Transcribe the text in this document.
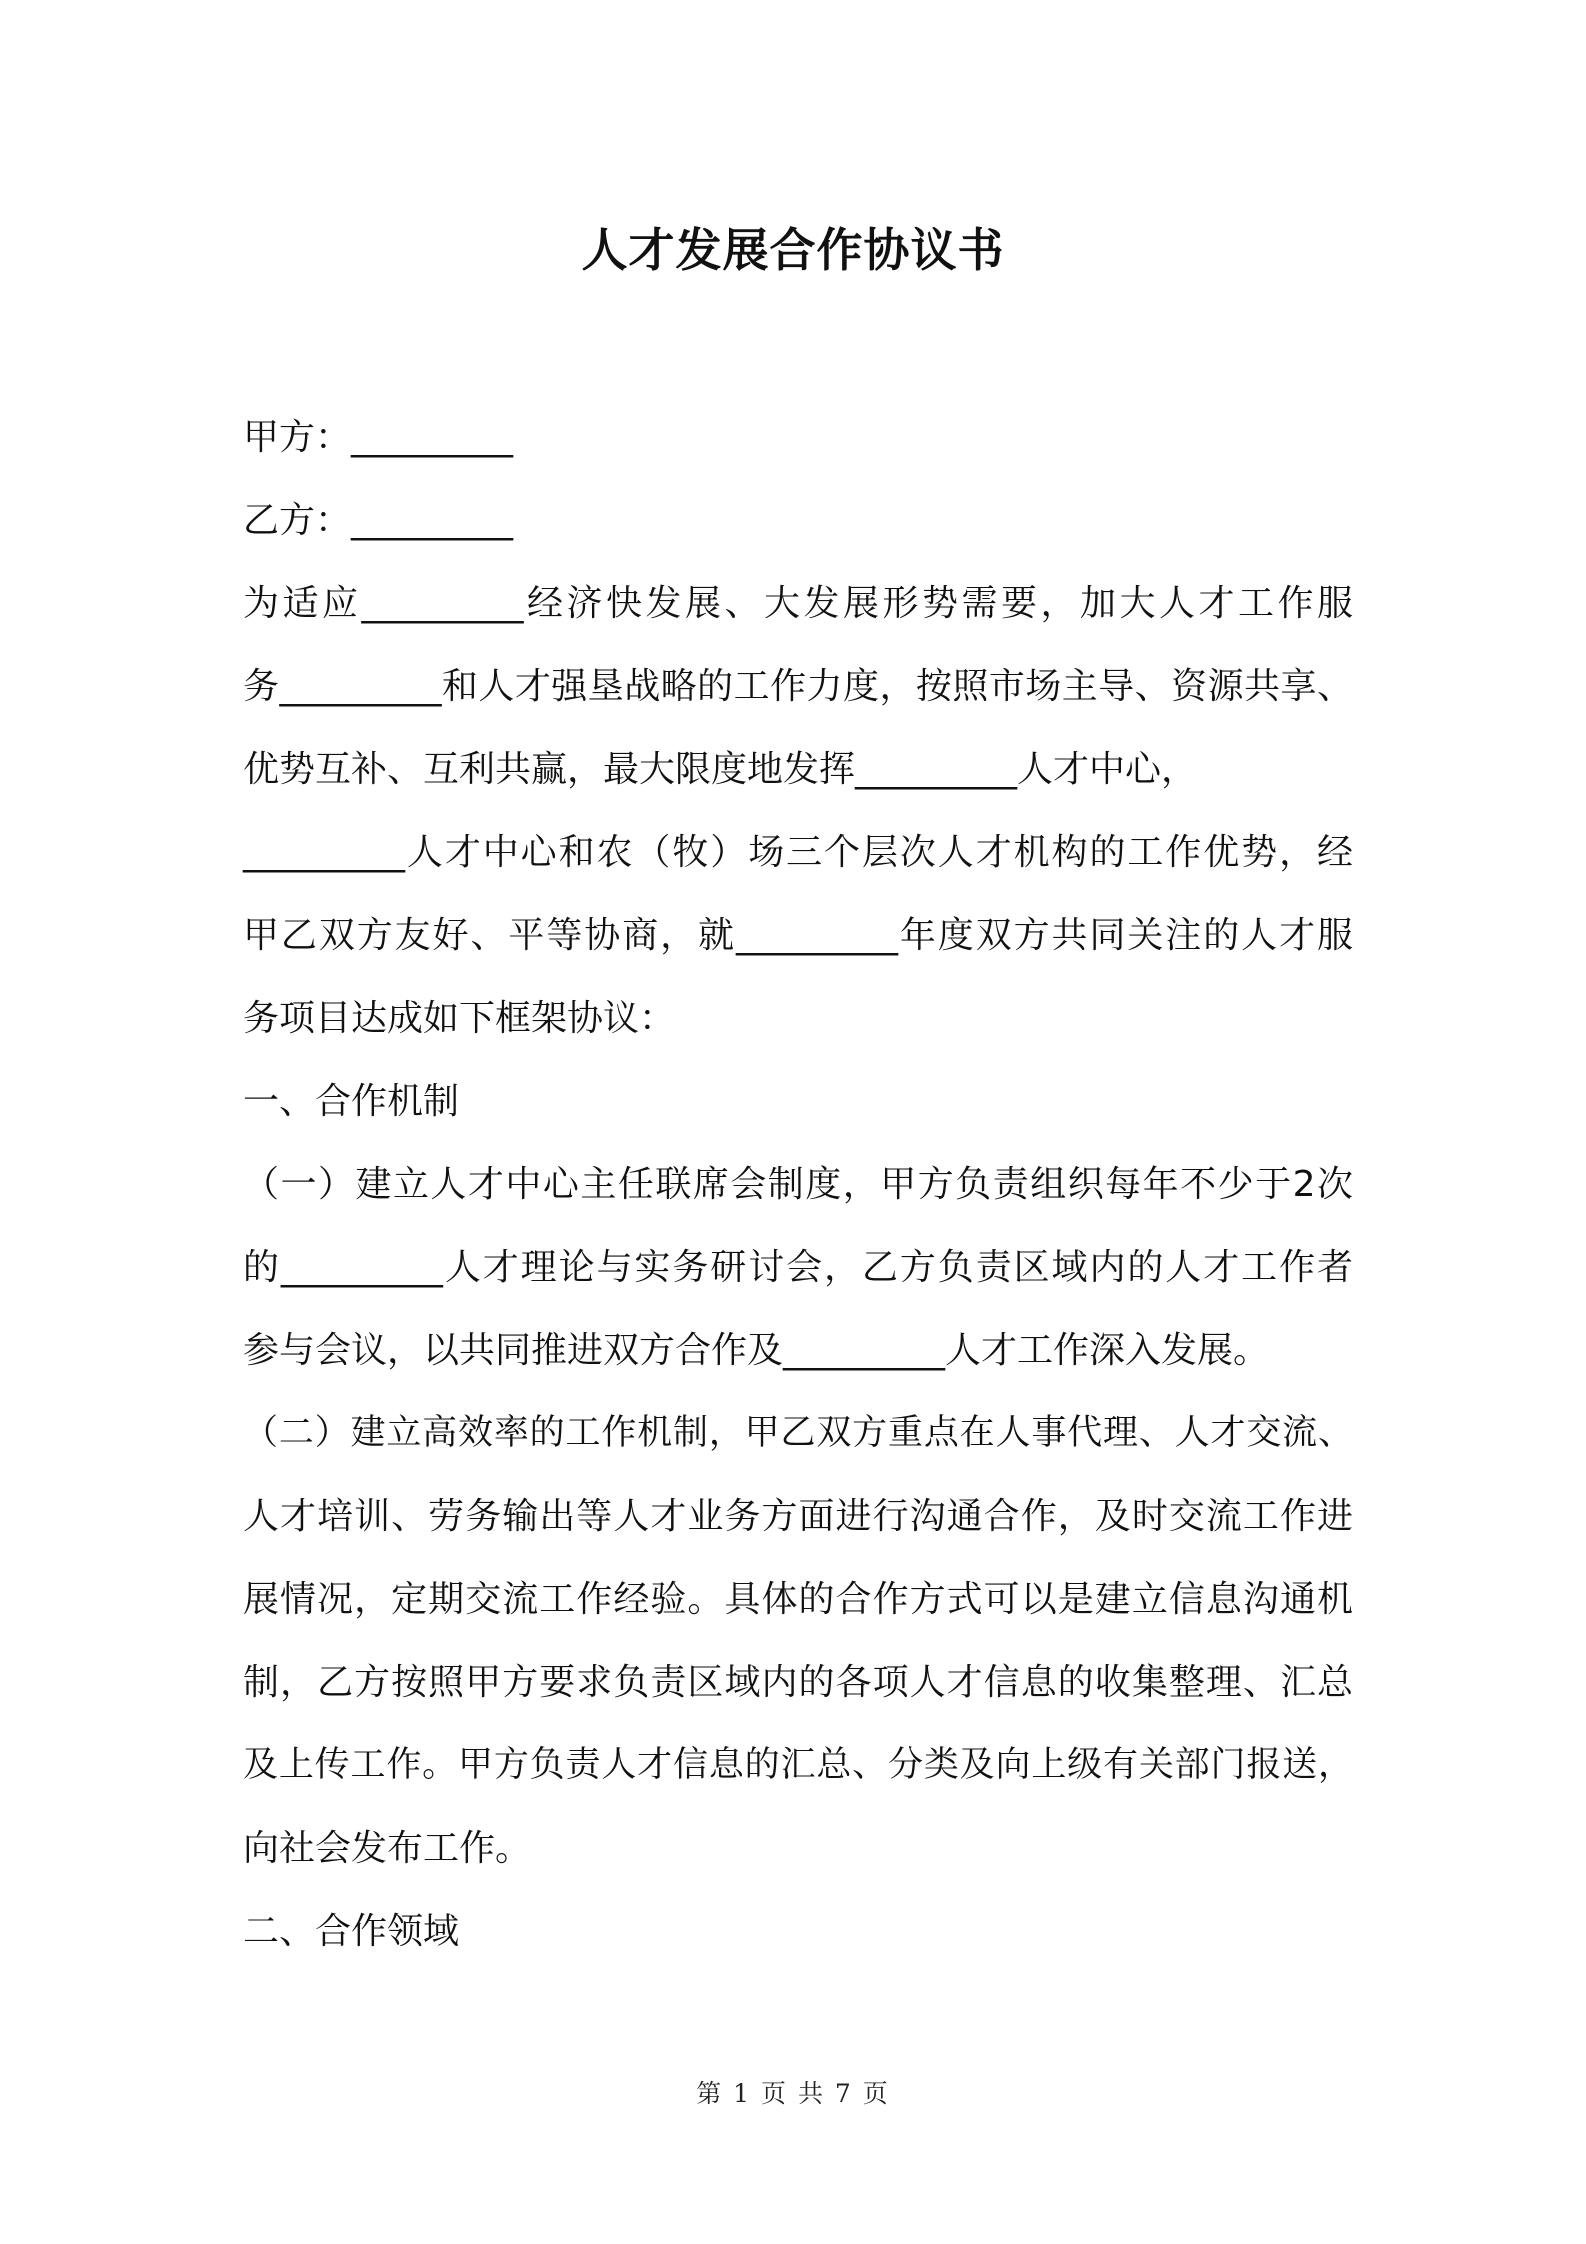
人才发展合作协议书
甲方：_________
乙方：_________
为适应_________经济快发展、大发展形势需要，加大人才工作服
务_________和人才强垦战略的工作力度，按照市场主导、资源共享、
优势互补、互利共赢，最大限度地发挥_________人才中心，
_________人才中心和农（牧）场三个层次人才机构的工作优势，经
甲乙双方友好、平等协商，就_________年度双方共同关注的人才服
务项目达成如下框架协议：
一、合作机制
（一）建立人才中心主任联席会制度，甲方负责组织每年不少于2次
的_________人才理论与实务研讨会，乙方负责区域内的人才工作者
参与会议，以共同推进双方合作及_________人才工作深入发展。
（二）建立高效率的工作机制，甲乙双方重点在人事代理、人才交流、
人才培训、劳务输出等人才业务方面进行沟通合作，及时交流工作进
展情况，定期交流工作经验。具体的合作方式可以是建立信息沟通机
制，乙方按照甲方要求负责区域内的各项人才信息的收集整理、汇总
及上传工作。甲方负责人才信息的汇总、分类及向上级有关部门报送，
向社会发布工作。
二、合作领域
第 1 页 共 7 页
